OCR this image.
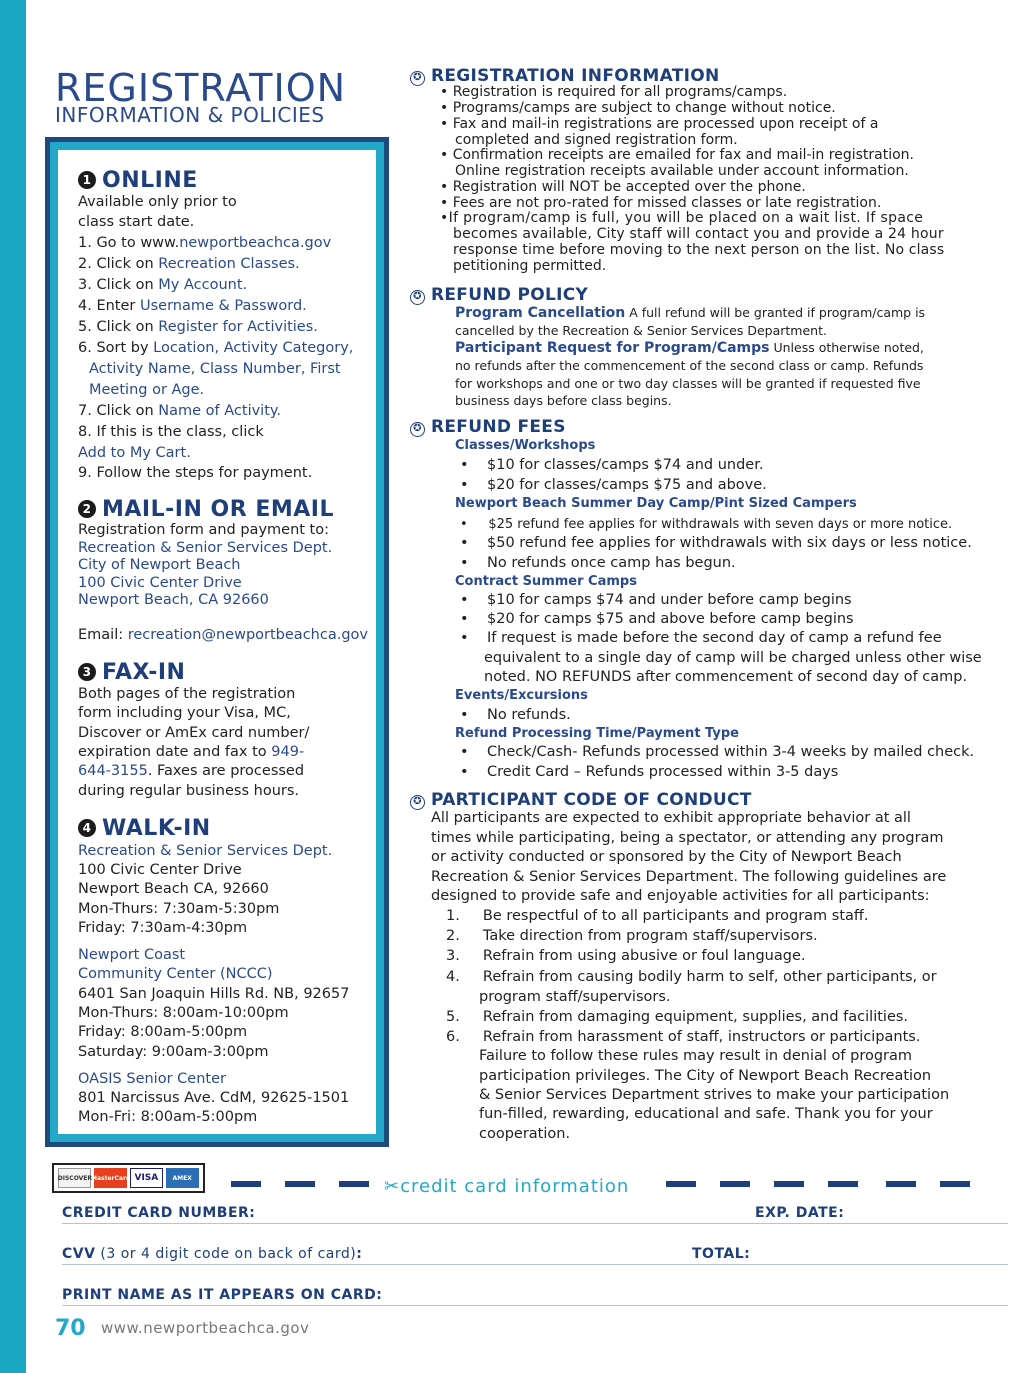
REGISTRATION
INFORMATION & POLICIES
1 ONLINE
Available only prior to
class start date.
1. Go to www.newportbeachca.gov
2. Click on Recreation Classes.
3. Click on My Account.
4. Enter Username & Password.
5. Click on Register for Activities.
6. Sort by Location, Activity Category,
Activity Name, Class Number, First
Meeting or Age.
7. Click on Name of Activity.
8. If this is the class, click
Add to My Cart.
9. Follow the steps for payment.
2 MAIL-IN OR EMAIL
Registration form and payment to:
Recreation & Senior Services Dept.
City of Newport Beach
100 Civic Center Drive
Newport Beach, CA 92660
Email: recreation@newportbeachca.gov
3 FAX-IN
Both pages of the registration
form including your Visa, MC,
Discover or AmEx card number/
expiration date and fax to 949-
644-3155. Faxes are processed
during regular business hours.
4 WALK-IN
Recreation & Senior Services Dept.
100 Civic Center Drive
Newport Beach CA, 92660
Mon-Thurs: 7:30am-5:30pm
Friday: 7:30am-4:30pm
Newport Coast
Community Center (NCCC)
6401 San Joaquin Hills Rd. NB, 92657
Mon-Thurs: 8:00am-10:00pm
Friday: 8:00am-5:00pm
Saturday: 9:00am-3:00pm
OASIS Senior Center
801 Narcissus Ave. CdM, 92625-1501
Mon-Fri: 8:00am-5:00pm
✪ REGISTRATION INFORMATION
• Registration is required for all programs/camps.
• Programs/camps are subject to change without notice.
• Fax and mail-in registrations are processed upon receipt of a
completed and signed registration form.
• Confirmation receipts are emailed for fax and mail-in registration.
Online registration receipts available under account information.
• Registration will NOT be accepted over the phone.
• Fees are not pro-rated for missed classes or late registration.
•If program/camp is full, you will be placed on a wait list. If space
becomes available, City staff will contact you and provide a 24 hour
response time before moving to the next person on the list. No class
petitioning permitted.
✪ REFUND POLICY
Program Cancellation A full refund will be granted if program/camp is
cancelled by the Recreation & Senior Services Department.
Participant Request for Program/Camps Unless otherwise noted,
no refunds after the commencement of the second class or camp. Refunds
for workshops and one or two day classes will be granted if requested five
business days before class begins.
✪ REFUND FEES
Classes/Workshops
•    $10 for classes/camps $74 and under.
•    $20 for classes/camps $75 and above.
Newport Beach Summer Day Camp/Pint Sized Campers
•     $25 refund fee applies for withdrawals with seven days or more notice.
•    $50 refund fee applies for withdrawals with six days or less notice.
•    No refunds once camp has begun.
Contract Summer Camps
•    $10 for camps $74 and under before camp begins
•    $20 for camps $75 and above before camp begins
•    If request is made before the second day of camp a refund fee
equivalent to a single day of camp will be charged unless other wise
noted. NO REFUNDS after commencement of second day of camp.
Events/Excursions
•    No refunds.
Refund Processing Time/Payment Type
•    Check/Cash- Refunds processed within 3-4 weeks by mailed check.
•    Credit Card – Refunds processed within 3-5 days
✪ PARTICIPANT CODE OF CONDUCT
All participants are expected to exhibit appropriate behavior at all
times while participating, being a spectator, or attending any program
or activity conducted or sponsored by the City of Newport Beach
Recreation & Senior Services Department. The following guidelines are
designed to provide safe and enjoyable activities for all participants:
1.     Be respectful of to all participants and program staff.
2.     Take direction from program staff/supervisors.
3.     Refrain from using abusive or foul language.
4.     Refrain from causing bodily harm to self, other participants, or
program staff/supervisors.
5.     Refrain from damaging equipment, supplies, and facilities.
6.     Refrain from harassment of staff, instructors or participants.
Failure to follow these rules may result in denial of program
participation privileges. The City of Newport Beach Recreation
& Senior Services Department strives to make your participation
fun-filled, rewarding, educational and safe. Thank you for your
cooperation.
DISCOVER MasterCard VISA	AMEX	✂credit card information
CREDIT CARD NUMBER:	EXP. DATE:
CVV (3 or 4 digit code on back of card):	TOTAL:
PRINT NAME AS IT APPEARS ON CARD:
70 www.newportbeachca.gov
